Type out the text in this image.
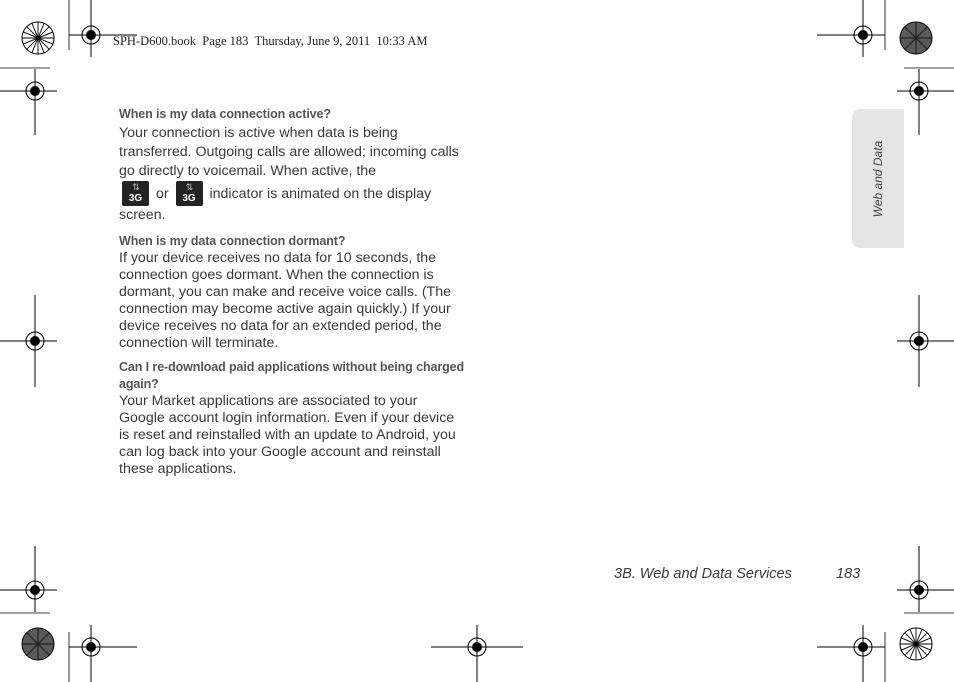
SPH-D600.book  Page 183  Thursday, June 9, 2011  10:33 AM

When is my data connection active?

Your connection is active when data is being transferred. Outgoing calls are allowed; incoming calls go directly to voicemail. When active, the

⇅
3G or	⇅
3G indicator is animated on the display screen.

When is my data connection dormant?

If your device receives no data for 10 seconds, the connection goes dormant. When the connection is dormant, you can make and receive voice calls. (The connection may become active again quickly.) If your device receives no data for an extended period, the connection will terminate.

Can I re-download paid applications without being charged again?

Your Market applications are associated to your Google account login information. Even if your device is reset and reinstalled with an update to Android, you can log back into your Google account and reinstall these applications.

Web and Data
3B. Web and Data Services	183
